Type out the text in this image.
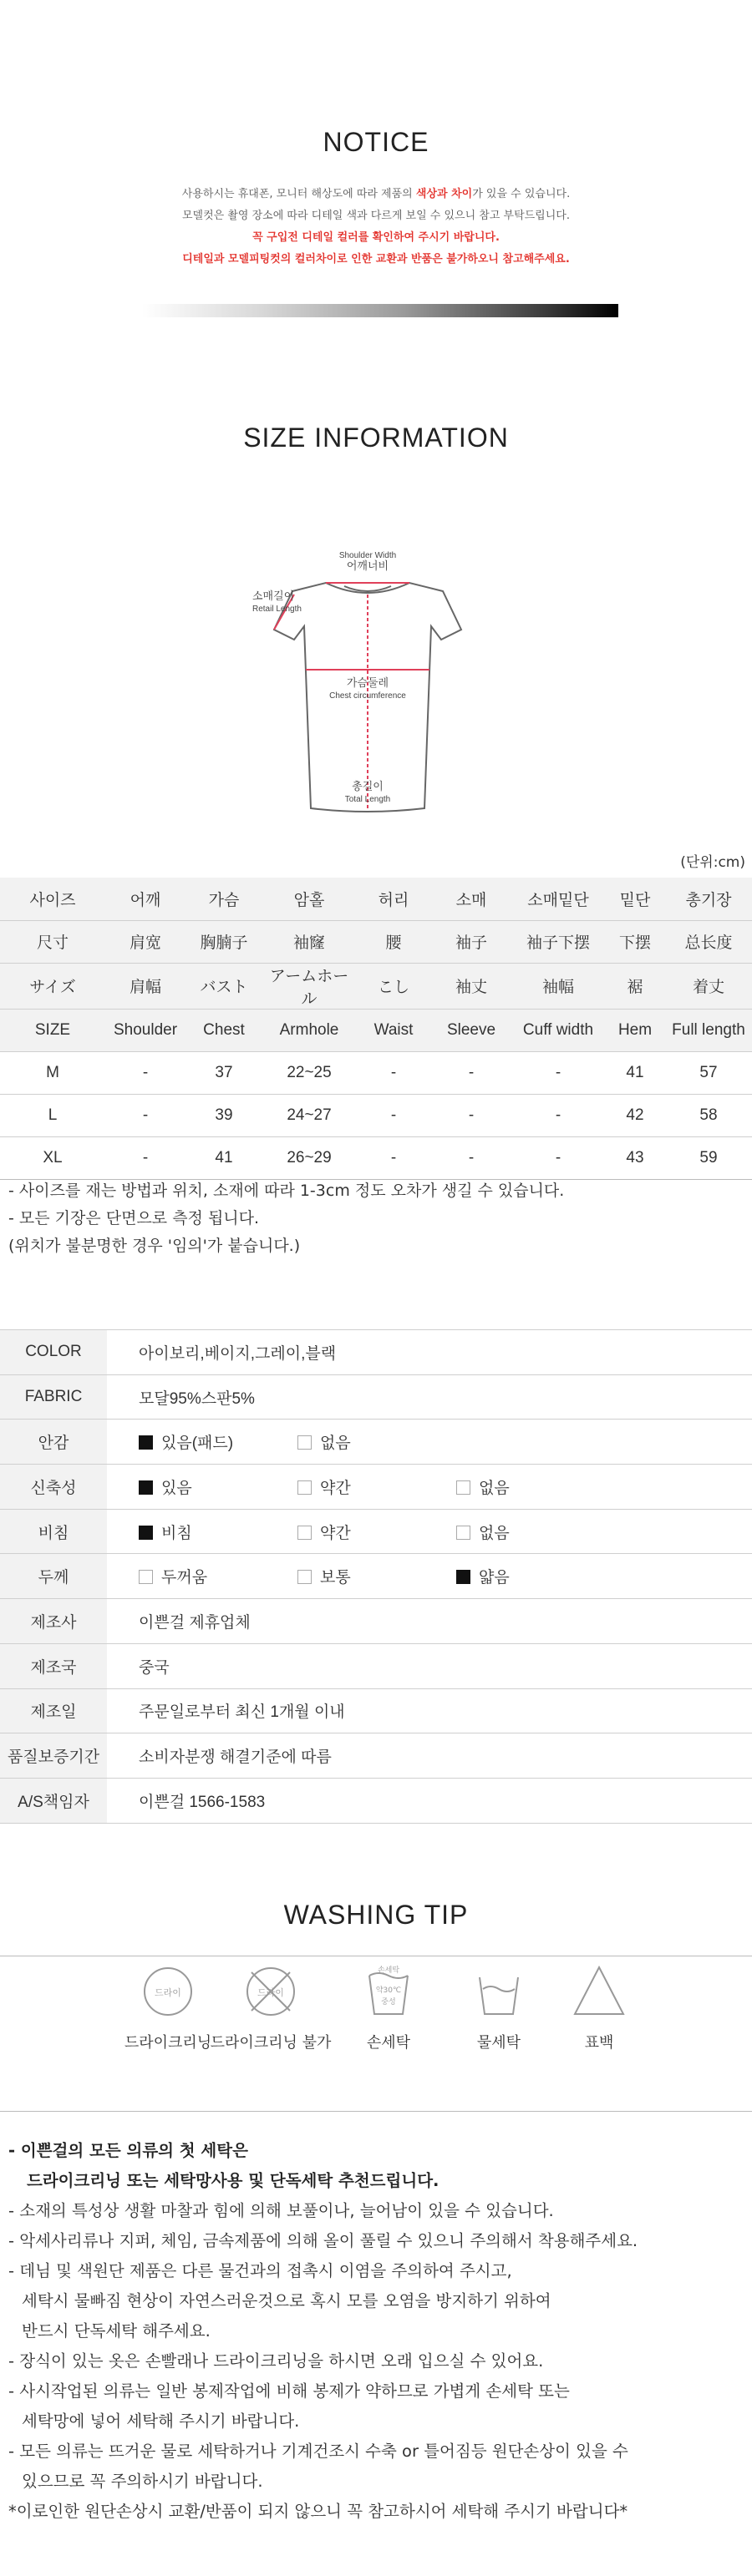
NOTICE
사용하시는 휴대폰, 모니터 해상도에 따라 제품의 색상과 차이가 있을 수 있습니다.
모델컷은 촬영 장소에 따라 디테일 색과 다르게 보일 수 있으니 참고 부탁드립니다.
꼭 구입전 디테일 컬러를 확인하여 주시기 바랍니다.
디테일과 모델피팅컷의 컬러차이로 인한 교환과 반품은 불가하오니 참고해주세요.
SIZE INFORMATION
Shoulder Width
어깨너비
소매길이
Retail Length
가슴둘레
Chest circumference
총길이
Total Length
(단위:cm)
사이즈	어깨	가슴	암홀	허리	소매	소매밑단	밑단	총기장
尺寸	肩宽	胸腩子	袖窿	腰	袖子	袖子下摆	下摆	总长度
サイズ	肩幅	バスト	アームホール	こし	袖丈	袖幅	裾	着丈
SIZE	Shoulder	Chest	Armhole	Waist	Sleeve	Cuff width	Hem	Full length
M	-	37	22~25	-	-	-	41	57
L	-	39	24~27	-	-	-	42	58
XL	-	41	26~29	-	-	-	43	59
- 사이즈를 재는 방법과 위치, 소재에 따라 1-3cm 정도 오차가 생길 수 있습니다.
- 모든 기장은 단면으로 측정 됩니다.
(위치가 불분명한 경우 '임의'가 붙습니다.)
COLOR	아이보리,베이지,그레이,블랙
FABRIC	모달95%스판5%
안감	있음(패드) 없음
신축성	있음 약간 없음
비침	비침 약간 없음
두께	두꺼움 보통 얇음
제조사	이쁜걸 제휴업체
제조국	중국
제조일	주문일로부터 최신 1개월 이내
품질보증기간	소비자분쟁 해결기준에 따름
A/S책임자	이쁜걸 1566-1583
WASHING TIP
드라이
드라이크리닝
드라이
드라이크리닝 불가
손세탁
약30℃
중성
손세탁	물세탁	표백
- 이쁜걸의 모든 의류의 첫 세탁은
드라이크리닝 또는 세탁망사용 및 단독세탁 추천드립니다.
- 소재의 특성상 생활 마찰과 힘에 의해 보풀이나, 늘어남이 있을 수 있습니다.
- 악세사리류나 지퍼, 체임, 금속제품에 의해 올이 풀릴 수 있으니 주의해서 착용해주세요.
- 데님 및 색원단 제품은 다른 물건과의 접촉시 이염을 주의하여 주시고,
세탁시 물빠짐 현상이 자연스러운것으로 혹시 모를 오염을 방지하기 위하여
반드시 단독세탁 해주세요.
- 장식이 있는 옷은 손빨래나 드라이크리닝을 하시면 오래 입으실 수 있어요.
- 사시작업된 의류는 일반 봉제작업에 비해 봉제가 약하므로 가볍게 손세탁 또는
세탁망에 넣어 세탁해 주시기 바랍니다.
- 모든 의류는 뜨거운 물로 세탁하거나 기계건조시 수축 or 틀어짐등 원단손상이 있을 수
있으므로 꼭 주의하시기 바랍니다.
*이로인한 원단손상시 교환/반품이 되지 않으니 꼭 참고하시어 세탁해 주시기 바랍니다*
